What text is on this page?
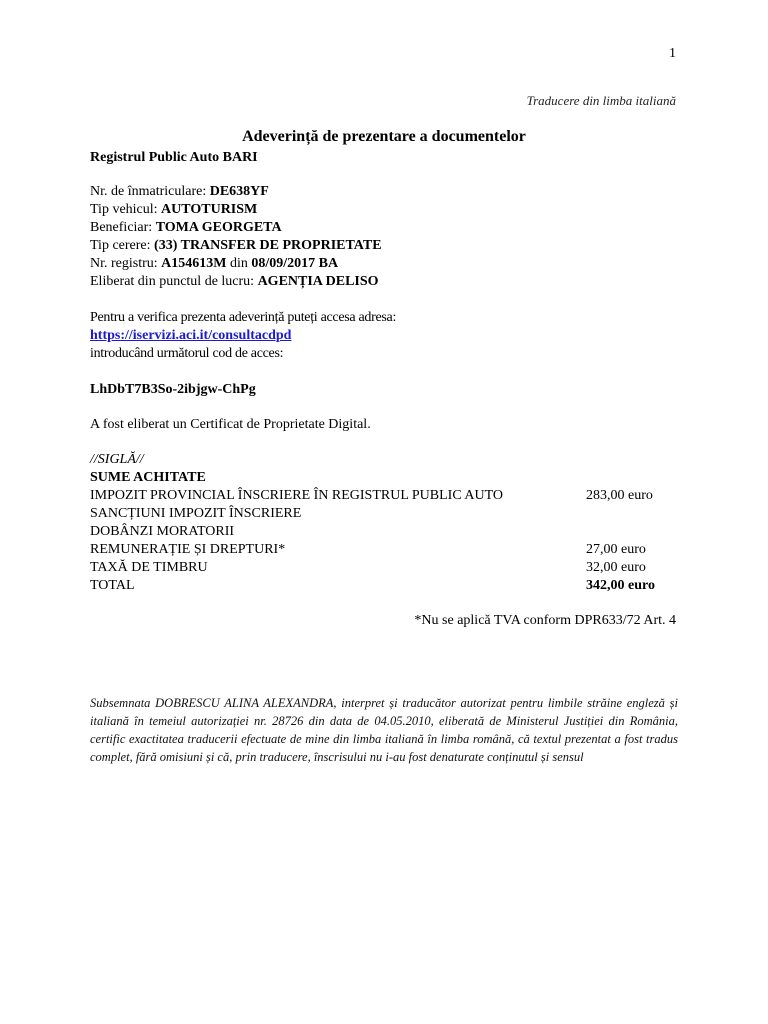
1
Traducere din limba italiană
Adeverință de prezentare a documentelor
Registrul Public Auto BARI
Nr. de înmatriculare: DE638YF
Tip vehicul: AUTOTURISM
Beneficiar: TOMA GEORGETA
Tip cerere: (33) TRANSFER DE PROPRIETATE
Nr. registru: A154613M din 08/09/2017 BA
Eliberat din punctul de lucru: AGENȚIA DELISO
Pentru a verifica prezenta adeverință puteți accesa adresa:
https://iservizi.aci.it/consultacdpd
introducând următorul cod de acces:
LhDbT7B3So-2ibjgw-ChPg
A fost eliberat un Certificat de Proprietate Digital.
//SIGLĂ//
SUME ACHITATE
IMPOZIT PROVINCIAL ÎNSCRIERE ÎN REGISTRUL PUBLIC AUTO	283,00 euro
SANCȚIUNI IMPOZIT ÎNSCRIERE
DOBÂNZI MORATORII
REMUNERAȚIE ȘI DREPTURI*	27,00 euro
TAXĂ DE TIMBRU	32,00 euro
TOTAL	342,00 euro
*Nu se aplică TVA conform DPR633/72 Art. 4
Subsemnata DOBRESCU ALINA ALEXANDRA, interpret și traducător autorizat pentru limbile străine engleză și italiană în temeiul autorizației nr. 28726 din data de 04.05.2010, eliberată de Ministerul Justiției din România, certific exactitatea traducerii efectuate de mine din limba italiană în limba română, că textul prezentat a fost tradus complet, fără omisiuni și că, prin traducere, înscrisului nu i-au fost denaturate conținutul și sensul
